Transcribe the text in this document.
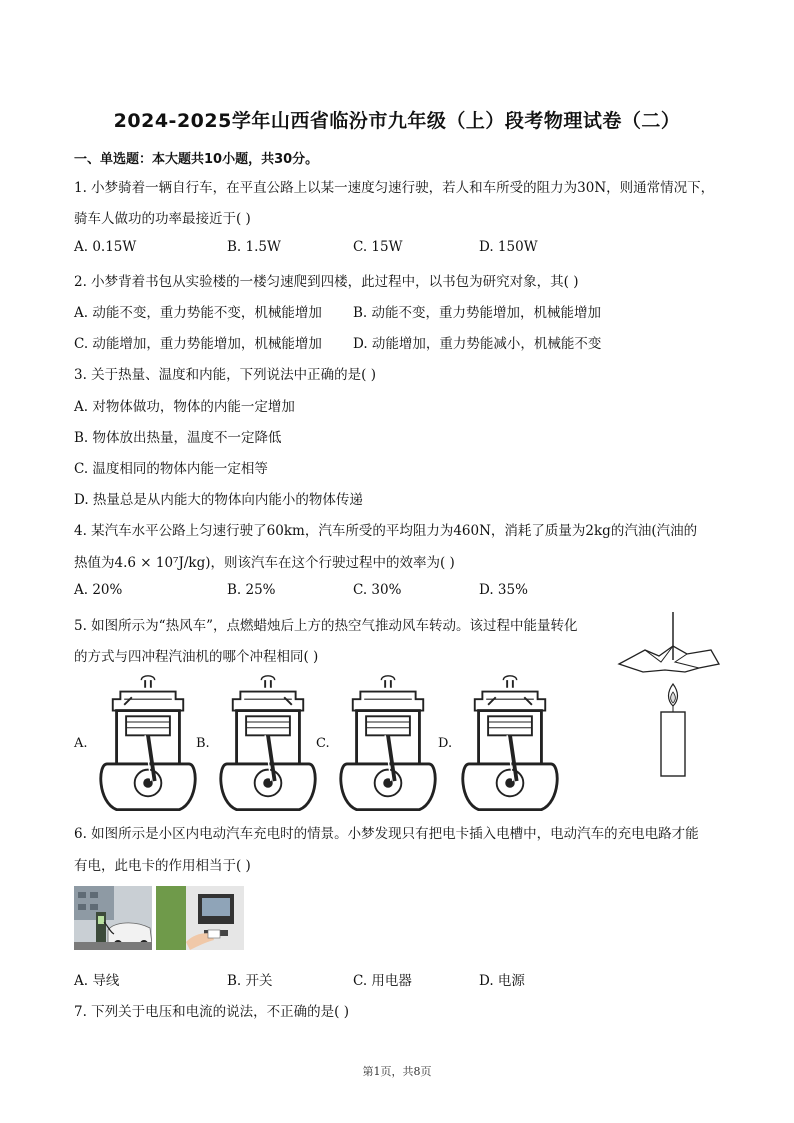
2024-2025学年山西省临汾市九年级（上）段考物理试卷（二）
一、单选题：本大题共10小题，共30分。
1. 小梦骑着一辆自行车，在平直公路上以某一速度匀速行驶，若人和车所受的阻力为30N，则通常情况下，
骑车人做功的功率最接近于( )
A. 0.15W	B. 1.5W	C. 15W	D. 150W
2. 小梦背着书包从实验楼的一楼匀速爬到四楼，此过程中，以书包为研究对象，其( )
A. 动能不变，重力势能不变，机械能增加 B. 动能不变，重力势能增加，机械能增加
C. 动能增加，重力势能增加，机械能增加 D. 动能增加，重力势能减小，机械能不变
3. 关于热量、温度和内能，下列说法中正确的是( )
A. 对物体做功，物体的内能一定增加
B. 物体放出热量，温度不一定降低
C. 温度相同的物体内能一定相等
D. 热量总是从内能大的物体向内能小的物体传递
4. 某汽车水平公路上匀速行驶了60km，汽车所受的平均阻力为460N，消耗了质量为2kg的汽油(汽油的
热值为4.6 × 10⁷J/kg)，则该汽车在这个行驶过程中的效率为( )
A. 20%	B. 25%	C. 30%	D. 35%
5. 如图所示为“热风车”，点燃蜡烛后上方的热空气推动风车转动。该过程中能量转化
的方式与四冲程汽油机的哪个冲程相同( )
A.	B.	C.	D.
6. 如图所示是小区内电动汽车充电时的情景。小梦发现只有把电卡插入电槽中，电动汽车的充电电路才能
有电，此电卡的作用相当于( )
A. 导线	B. 开关	C. 用电器	D. 电源
7. 下列关于电压和电流的说法，不正确的是( )
第1页，共8页
